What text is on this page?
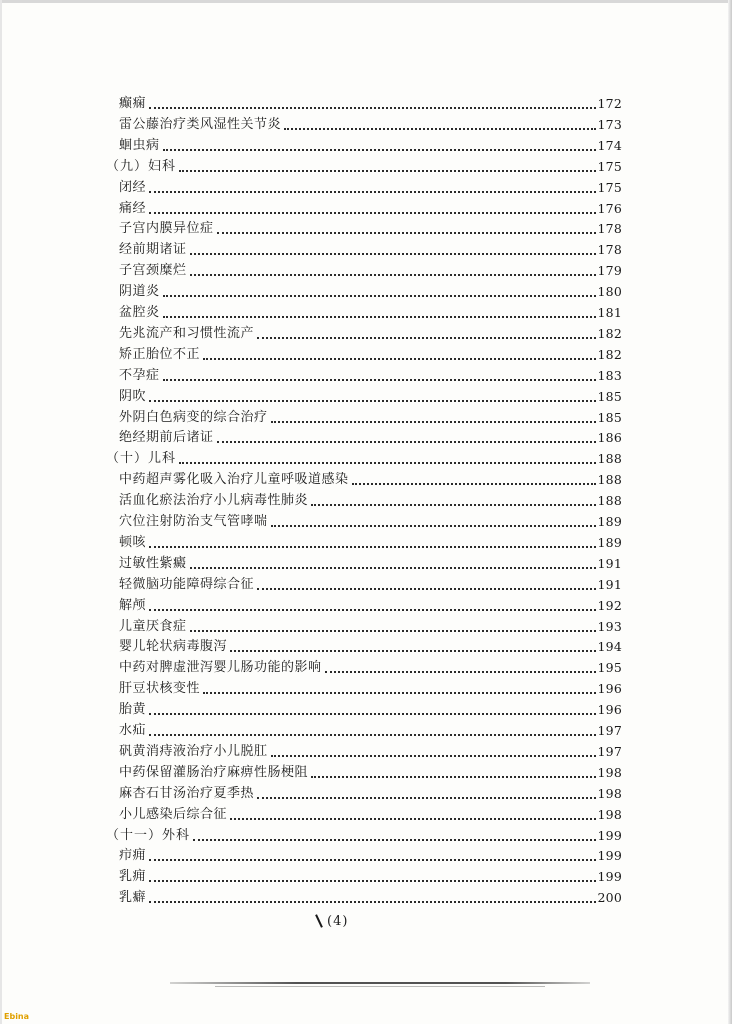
癫痫	172
雷公藤治疗类风湿性关节炎	173
蛔虫病	174
（九）妇科	175
闭经	175
痛经	176
子宫内膜异位症	178
经前期诸证	178
子宫颈糜烂	179
阴道炎	180
盆腔炎	181
先兆流产和习惯性流产	182
矫正胎位不正	182
不孕症	183
阴吹	185
外阴白色病变的综合治疗	185
绝经期前后诸证	186
（十）儿科	188
中药超声雾化吸入治疗儿童呼吸道感染	188
活血化瘀法治疗小儿病毒性肺炎	188
穴位注射防治支气管哮喘	189
顿咳	189
过敏性紫癜	191
轻微脑功能障碍综合征	191
解颅	192
儿童厌食症	193
婴儿轮状病毒腹泻	194
中药对脾虚泄泻婴儿肠功能的影响	195
肝豆状核变性	196
胎黄	196
水疝	197
矾黄消痔液治疗小儿脱肛	197
中药保留灌肠治疗麻痹性肠梗阻	198
麻杏石甘汤治疗夏季热	198
小儿感染后综合征	198
（十一）外科	199
疖痈	199
乳痈	199
乳癖	200
(4)
Ebina
